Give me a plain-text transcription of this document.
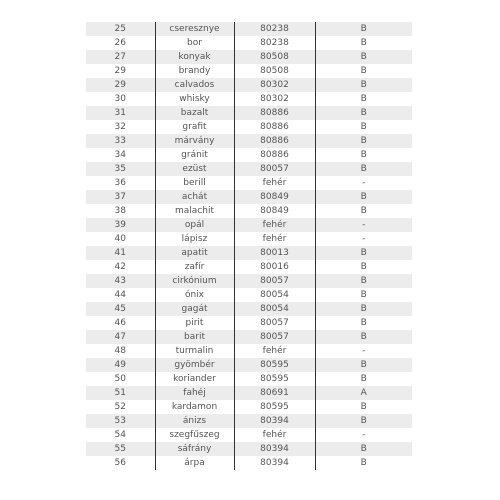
25	cseresznye	80238	B
26	bor	80238	B
27	konyak	80508	B
29	brandy	80508	B
29	calvados	80302	B
30	whisky	80302	B
31	bazalt	80886	B
32	grafit	80886	B
33	márvány	80886	B
34	gránit	80886	B
35	ezüst	80057	B
36	berill	fehér	-
37	achát	80849	B
38	malachit	80849	B
39	opál	fehér	-
40	lápisz	fehér	-
41	apatit	80013	B
42	zafír	80016	B
43	cirkónium	80057	B
44	ónix	80054	B
45	gagát	80054	B
46	pirit	80057	B
47	barit	80057	B
48	turmalin	fehér	-
49	gyömbér	80595	B
50	koriander	80595	B
51	fahéj	80691	A
52	kardamon	80595	B
53	ánizs	80394	B
54	szegfűszeg	fehér	-
55	sáfrány	80394	B
56	árpa	80394	B
